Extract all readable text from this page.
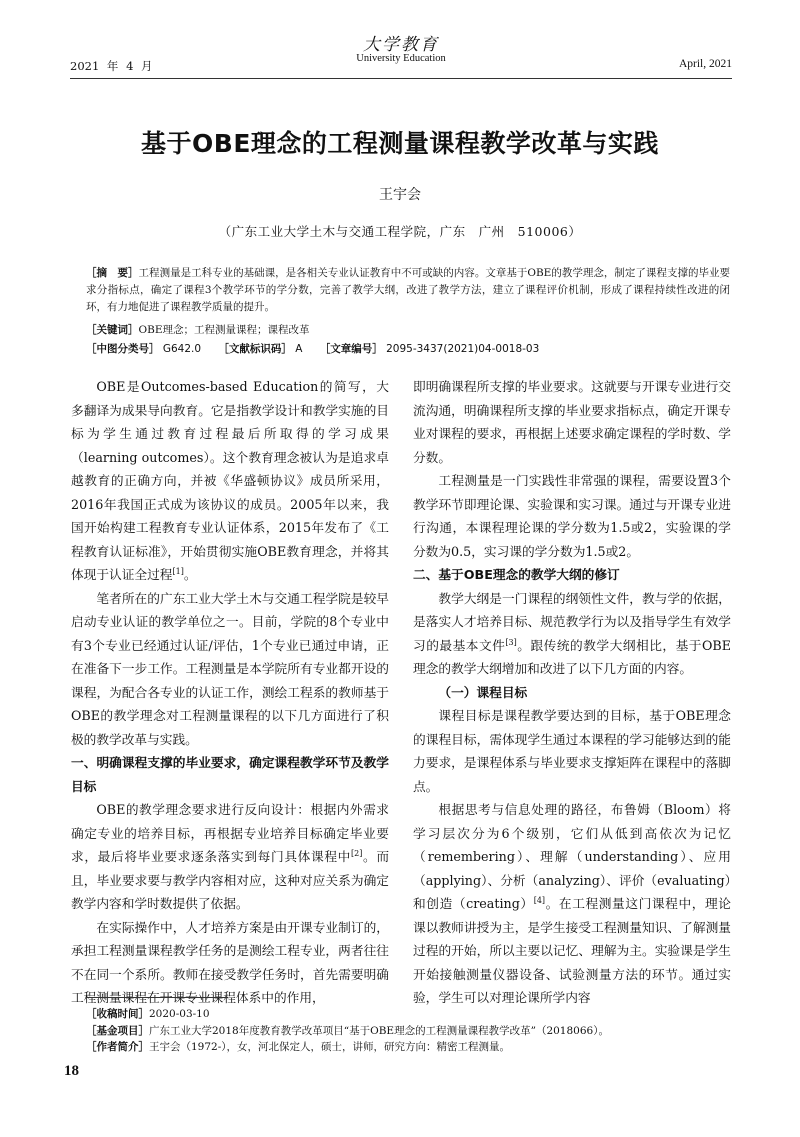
大学教育
University Education
2021 年 4 月	April, 2021
基于OBE理念的工程测量课程教学改革与实践
王宇会
（广东工业大学土木与交通工程学院，广东　广州　510006）
［摘　要］工程测量是工科专业的基础课，是各相关专业认证教育中不可或缺的内容。文章基于OBE的教学理念，制定了课程支撑的毕业要求分指标点，确定了课程3个教学环节的学分数，完善了教学大纲，改进了教学方法，建立了课程评价机制，形成了课程持续性改进的闭环，有力地促进了课程教学质量的提升。
［关键词］OBE理念；工程测量课程；课程改革
［中图分类号］ G642.0 ［文献标识码］ A ［文章编号］ 2095-3437(2021)04-0018-03

OBE是Outcomes-based Education的简写，大多翻译为成果导向教育。它是指教学设计和教学实施的目标为学生通过教育过程最后所取得的学习成果（learning outcomes）。这个教育理念被认为是追求卓越教育的正确方向，并被《华盛顿协议》成员所采用，2016年我国正式成为该协议的成员。2005年以来，我国开始构建工程教育专业认证体系，2015年发布了《工程教育认证标准》，开始贯彻实施OBE教育理念，并将其体现于认证全过程[1]。

笔者所在的广东工业大学土木与交通工程学院是较早启动专业认证的教学单位之一。目前，学院的8个专业中有3个专业已经通过认证/评估，1个专业已通过申请，正在准备下一步工作。工程测量是本学院所有专业都开设的课程，为配合各专业的认证工作，测绘工程系的教师基于OBE的教学理念对工程测量课程的以下几方面进行了积极的教学改革与实践。

一、明确课程支撑的毕业要求，确定课程教学环节及教学目标

OBE的教学理念要求进行反向设计：根据内外需求确定专业的培养目标，再根据专业培养目标确定毕业要求，最后将毕业要求逐条落实到每门具体课程中[2]。而且，毕业要求要与教学内容相对应，这种对应关系为确定教学内容和学时数提供了依据。

在实际操作中，人才培养方案是由开课专业制订的，承担工程测量课程教学任务的是测绘工程专业，两者往往不在同一个系所。教师在接受教学任务时，首先需要明确工程测量课程在开课专业课程体系中的作用，

即明确课程所支撑的毕业要求。这就要与开课专业进行交流沟通，明确课程所支撑的毕业要求指标点，确定开课专业对课程的要求，再根据上述要求确定课程的学时数、学分数。

工程测量是一门实践性非常强的课程，需要设置3个教学环节即理论课、实验课和实习课。通过与开课专业进行沟通，本课程理论课的学分数为1.5或2，实验课的学分数为0.5，实习课的学分数为1.5或2。

二、基于OBE理念的教学大纲的修订

教学大纲是一门课程的纲领性文件，教与学的依据，是落实人才培养目标、规范教学行为以及指导学生有效学习的最基本文件[3]。跟传统的教学大纲相比，基于OBE理念的教学大纲增加和改进了以下几方面的内容。

（一）课程目标

课程目标是课程教学要达到的目标，基于OBE理念的课程目标，需体现学生通过本课程的学习能够达到的能力要求，是课程体系与毕业要求支撑矩阵在课程中的落脚点。

根据思考与信息处理的路径，布鲁姆（Bloom）将学习层次分为6个级别，它们从低到高依次为记忆（remembering）、理解（understanding）、应用（applying）、分析（analyzing）、评价（evaluating）和创造（creating）[4]。在工程测量这门课程中，理论课以教师讲授为主，是学生接受工程测量知识、了解测量过程的开始，所以主要以记忆、理解为主。实验课是学生开始接触测量仪器设备、试验测量方法的环节。通过实验，学生可以对理论课所学内容

［收稿时间］2020-03-10
［基金项目］广东工业大学2018年度教育教学改革项目“基于OBE理念的工程测量课程教学改革”（2018066）。
［作者简介］王宇会（1972-），女，河北保定人，硕士，讲师，研究方向：精密工程测量。
18
